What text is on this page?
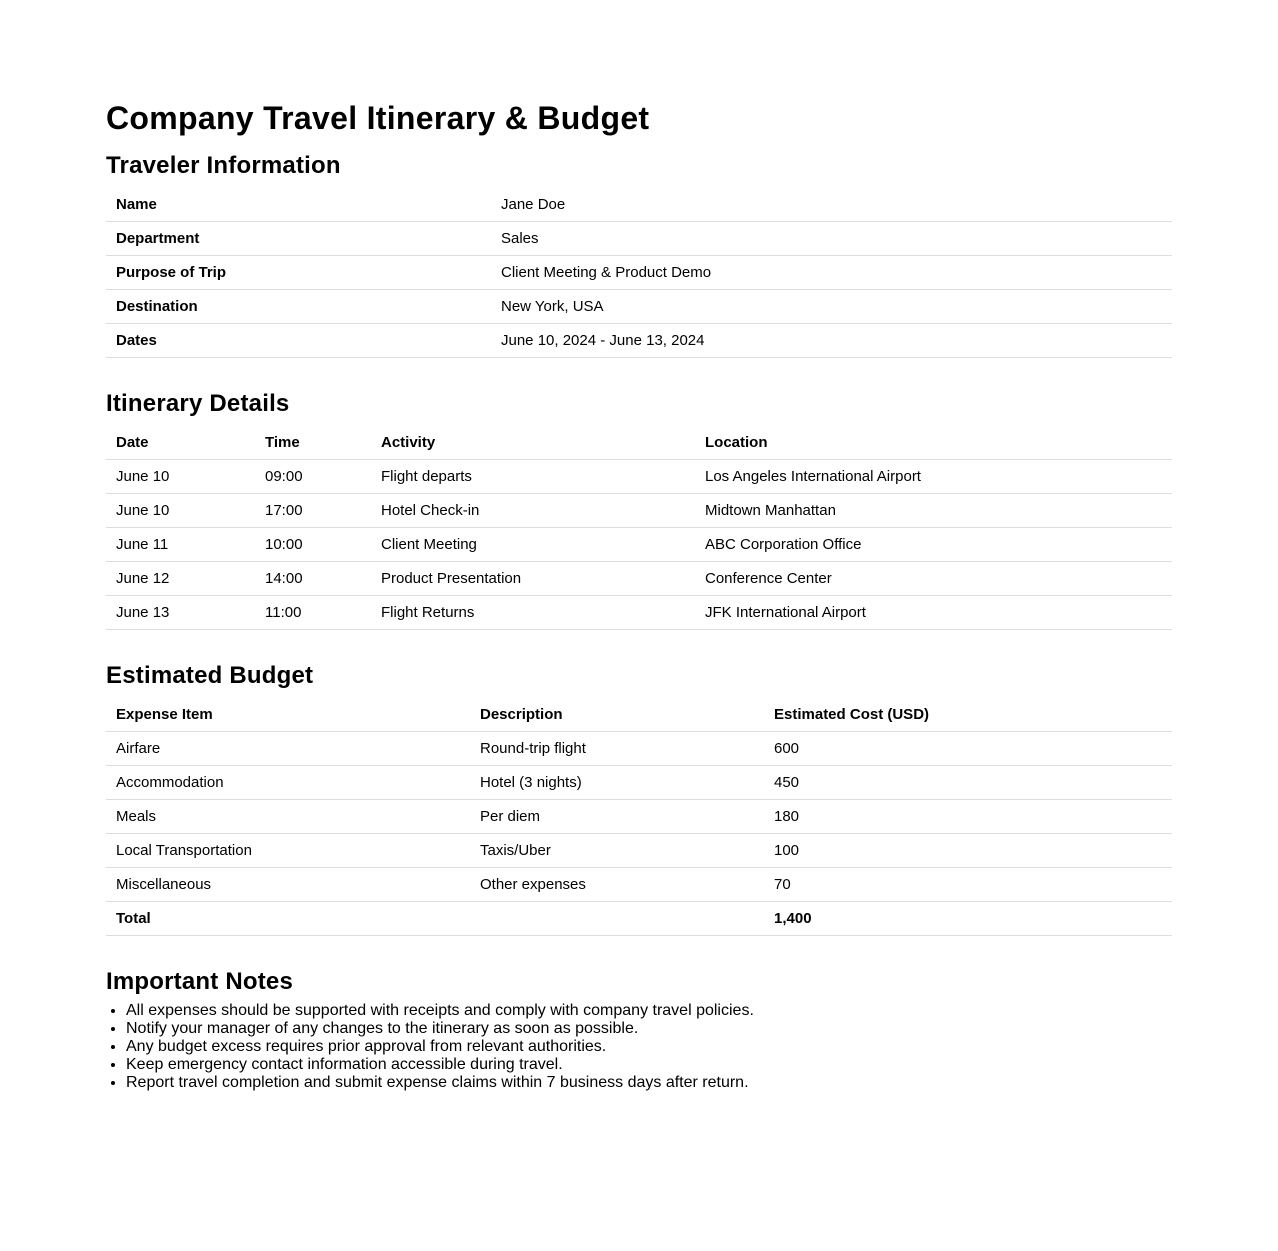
Company Travel Itinerary & Budget
Traveler Information
Name	Jane Doe
Department	Sales
Purpose of Trip	Client Meeting & Product Demo
Destination	New York, USA
Dates	June 10, 2024 - June 13, 2024
Itinerary Details
Date	Time	Activity	Location
June 10	09:00	Flight departs	Los Angeles International Airport
June 10	17:00	Hotel Check-in	Midtown Manhattan
June 11	10:00	Client Meeting	ABC Corporation Office
June 12	14:00	Product Presentation	Conference Center
June 13	11:00	Flight Returns	JFK International Airport
Estimated Budget
Expense Item	Description	Estimated Cost (USD)
Airfare	Round-trip flight	600
Accommodation	Hotel (3 nights)	450
Meals	Per diem	180
Local Transportation	Taxis/Uber	100
Miscellaneous	Other expenses	70
Total		1,400
Important Notes
• All expenses should be supported with receipts and comply with company travel policies.
• Notify your manager of any changes to the itinerary as soon as possible.
• Any budget excess requires prior approval from relevant authorities.
• Keep emergency contact information accessible during travel.
• Report travel completion and submit expense claims within 7 business days after return.
